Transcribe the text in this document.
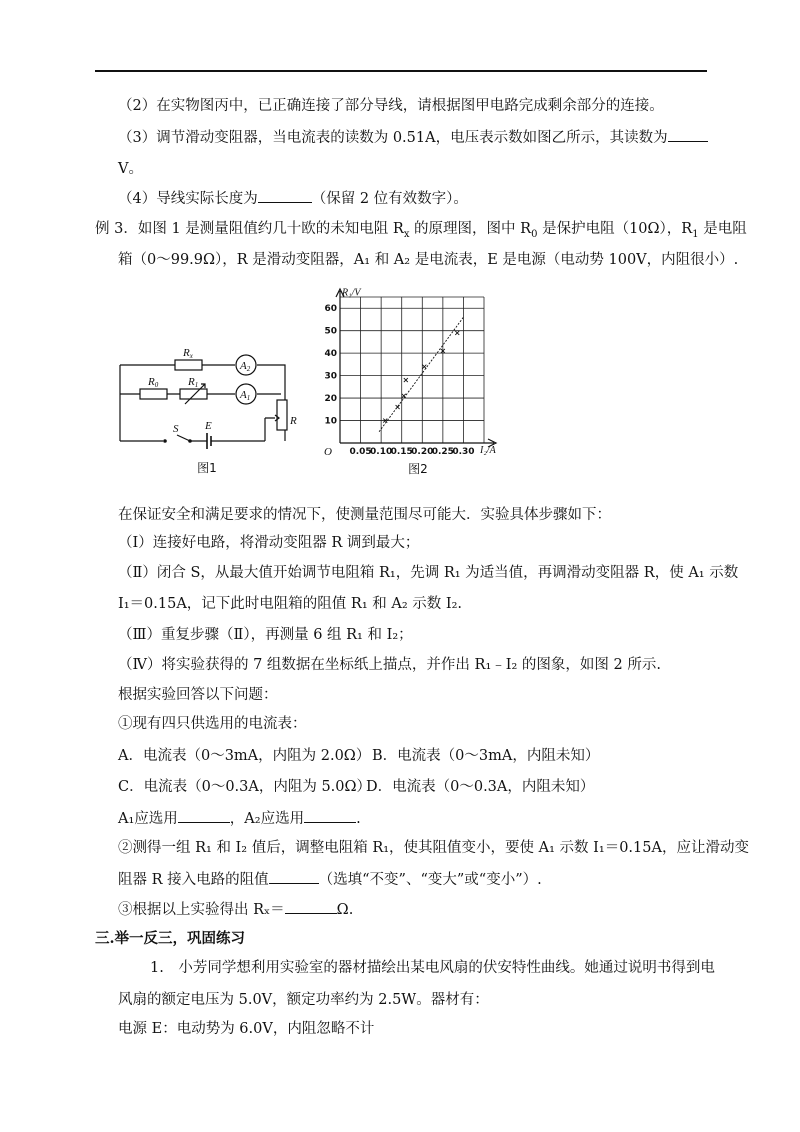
（2）在实物图丙中，已正确连接了部分导线，请根据图甲电路完成剩余部分的连接。
（3）调节滑动变阻器，当电流表的读数为 0.51A，电压表示数如图乙所示，其读数为
V。
（4）导线实际长度为	（保留 2 位有效数字）。
例 3．如图 1 是测量阻值约几十欧的未知电阻 $R_x$ 的原理图，图中 $R_0$ 是保护电阻（10Ω），$R_1$ 是电阻
箱（0～99.9Ω），R 是滑动变阻器，A₁ 和 A₂ 是电流表，E 是电源（电动势 100V，内阻很小）.
Rx
R0	R1
A2
A1
R
S E
图1
0.05
0.10
0.15
0.20
0.25
0.30
10
20
30
40
50
60
O
R₁/V
I₂/A
图2
在保证安全和满足要求的情况下，使测量范围尽可能大．实验具体步骤如下：
（Ⅰ）连接好电路，将滑动变阻器 R 调到最大；
（Ⅱ）闭合 S，从最大值开始调节电阻箱 R₁，先调 R₁ 为适当值，再调滑动变阻器 R，使 A₁ 示数
I₁＝0.15A，记下此时电阻箱的阻值 R₁ 和 A₂ 示数 I₂.
（Ⅲ）重复步骤（Ⅱ），再测量 6 组 R₁ 和 I₂；
（Ⅳ）将实验获得的 7 组数据在坐标纸上描点，并作出 R₁﹣I₂ 的图象，如图 2 所示.
根据实验回答以下问题：
①现有四只供选用的电流表：
A．电流表（0～3mA，内阻为 2.0Ω） B．电流表（0～3mA，内阻未知）
C．电流表（0～0.3A，内阻为 5.0Ω）
D．电流表（0～0.3A，内阻未知）
A₁应选用	，A₂应选用	.
②测得一组 R₁ 和 I₂ 值后，调整电阻箱 R₁，使其阻值变小，要使 A₁ 示数 I₁＝0.15A，应让滑动变
阻器 R 接入电路的阻值	（选填“不变”、“变大”或“变小”）.
③根据以上实验得出 Rₓ＝	Ω.
三.举一反三，巩固练习
1.　小芳同学想利用实验室的器材描绘出某电风扇的伏安特性曲线。她通过说明书得到电
风扇的额定电压为 5.0V，额定功率约为 2.5W。器材有：
电源 E：电动势为 6.0V，内阻忽略不计
